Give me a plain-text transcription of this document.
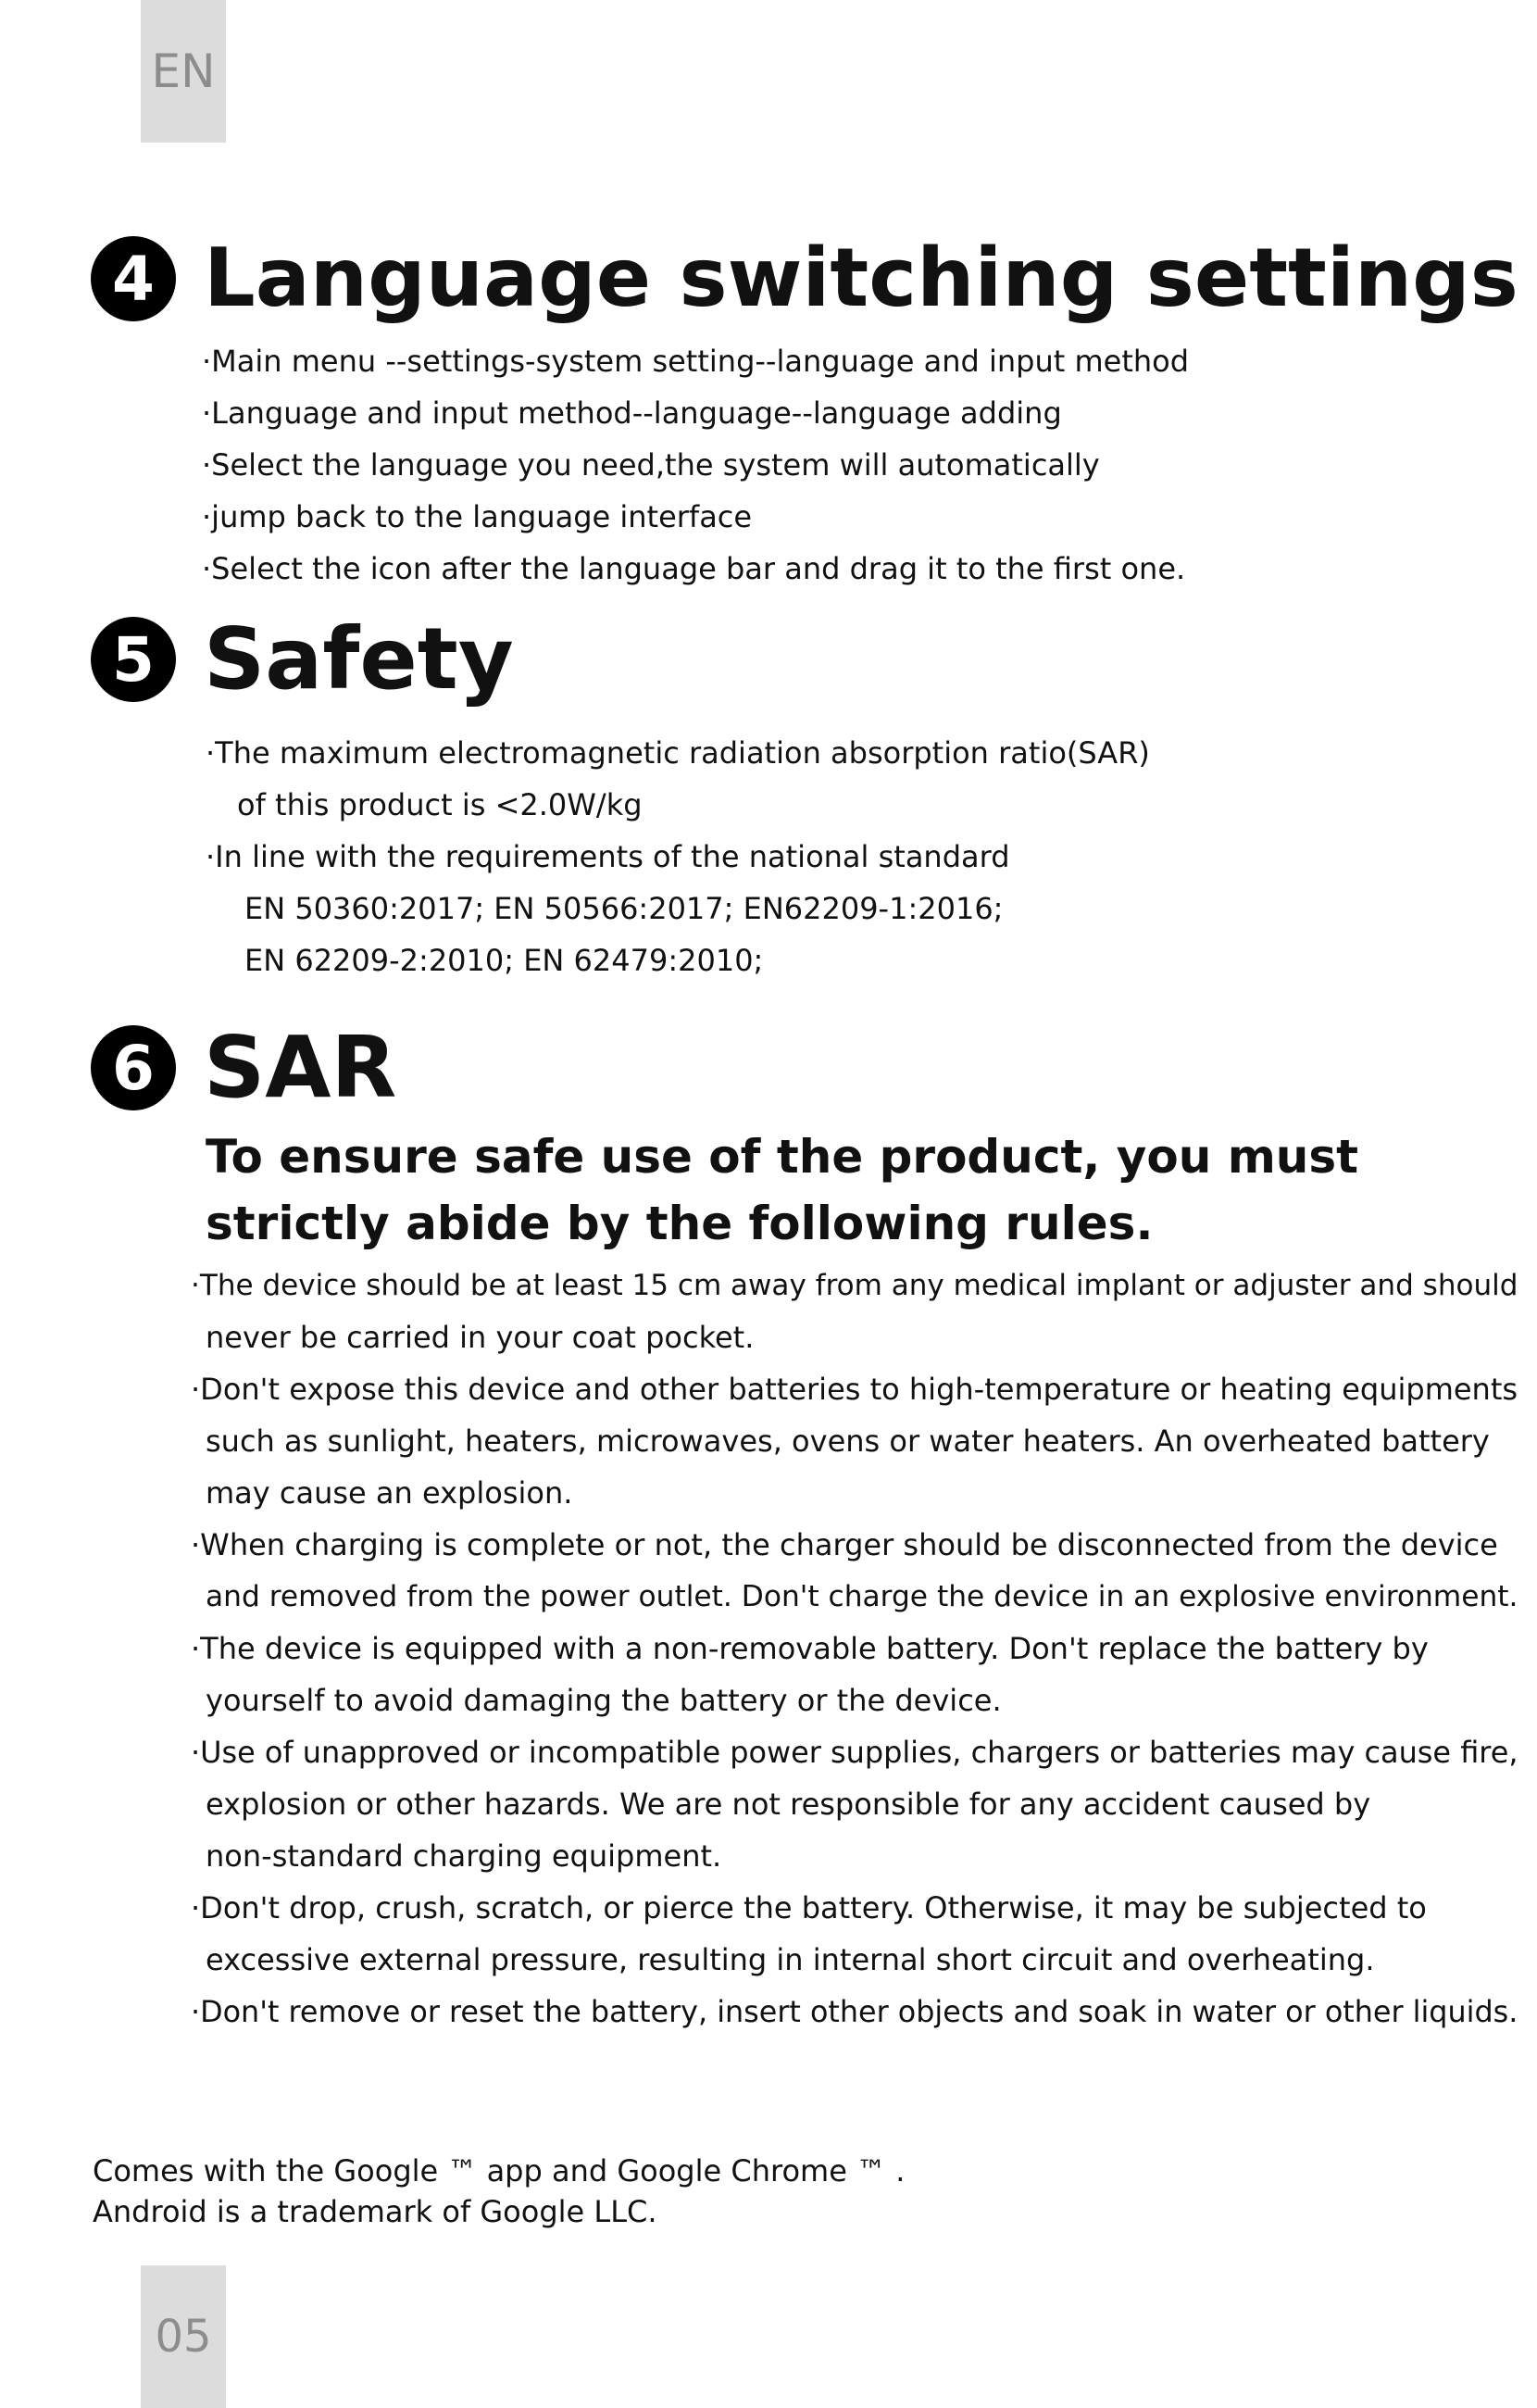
EN
4 Language switching settings

·Main menu --settings-system setting--language and input method

·Language and input method--language--language adding

·Select the language you need,the system will automatically

·jump back to the language interface

·Select the icon after the language bar and drag it to the first one.

5 Safety

·The maximum electromagnetic radiation absorption ratio(SAR)

of this product is <2.0W/kg

·In line with the requirements of the national standard

EN 50360:2017; EN 50566:2017; EN62209-1:2016;

EN 62209-2:2010; EN 62479:2010;

6 SAR
To ensure safe use of the product, you must
strictly abide by the following rules.

·The device should be at least 15 cm away from any medical implant or adjuster and should

never be carried in your coat pocket.

·Don't expose this device and other batteries to high-temperature or heating equipments

such as sunlight, heaters, microwaves, ovens or water heaters. An overheated battery

may cause an explosion.

·When charging is complete or not, the charger should be disconnected from the device

and removed from the power outlet. Don't charge the device in an explosive environment.

·The device is equipped with a non-removable battery. Don't replace the battery by

yourself to avoid damaging the battery or the device.

·Use of unapproved or incompatible power supplies, chargers or batteries may cause fire,

explosion or other hazards. We are not responsible for any accident caused by

non-standard charging equipment.

·Don't drop, crush, scratch, or pierce the battery. Otherwise, it may be subjected to

excessive external pressure, resulting in internal short circuit and overheating.

·Don't remove or reset the battery, insert other objects and soak in water or other liquids.

Comes with the Google ™ app and Google Chrome ™ .
Android is a trademark of Google LLC.
05
